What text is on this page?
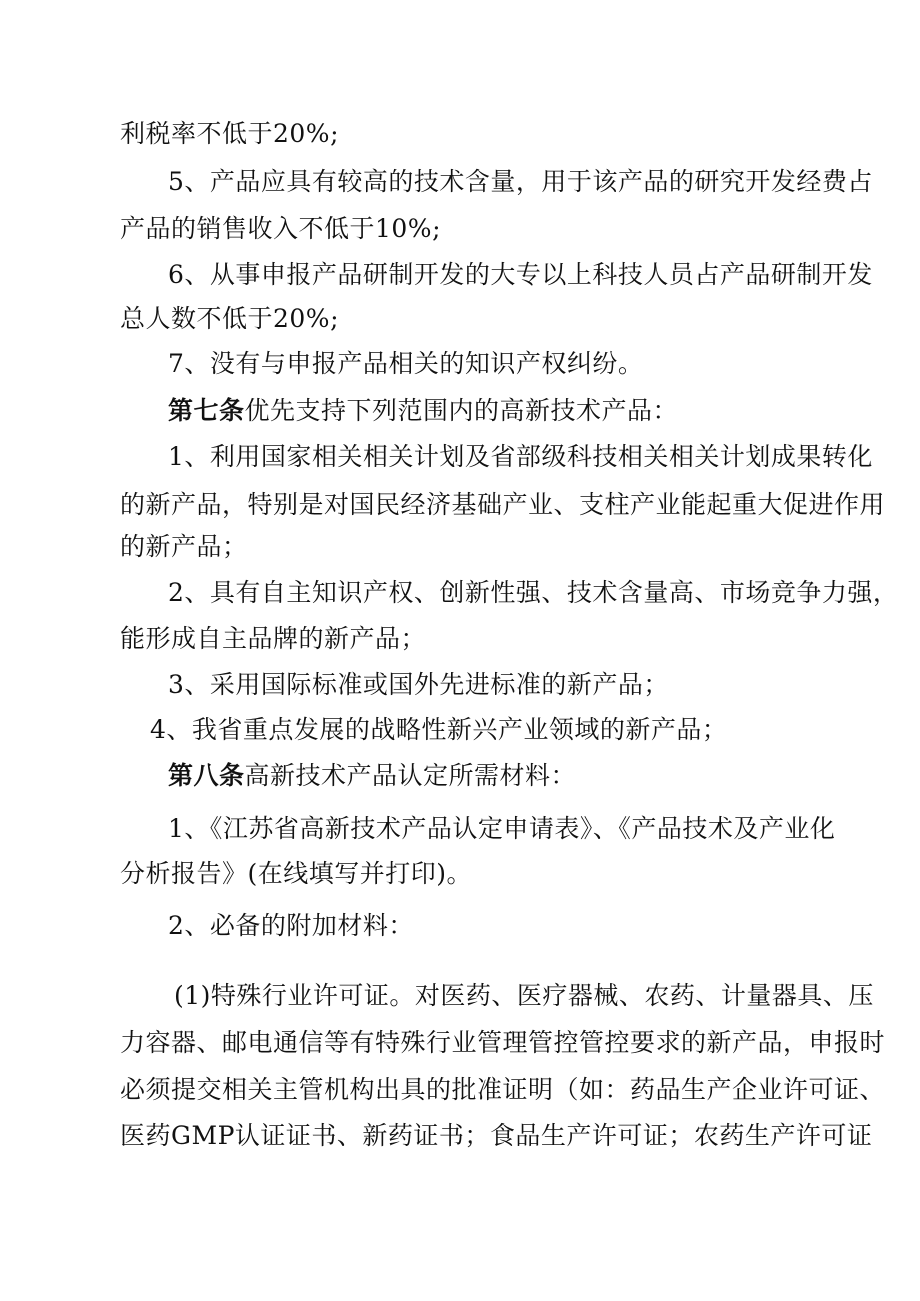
利税率不低于20%;
5、产品应具有较高的技术含量，用于该产品的研究开发经费占
产品的销售收入不低于10%;
6、从事申报产品研制开发的大专以上科技人员占产品研制开发
总人数不低于20%;
7、没有与申报产品相关的知识产权纠纷。
第七条优先支持下列范围内的高新技术产品：
1、利用国家相关相关计划及省部级科技相关相关计划成果转化
的新产品，特别是对国民经济基础产业、支柱产业能起重大促进作用
的新产品；
2、具有自主知识产权、创新性强、技术含量高、市场竞争力强，
能形成自主品牌的新产品；
3、采用国际标准或国外先进标准的新产品；
4、我省重点发展的战略性新兴产业领域的新产品；
第八条高新技术产品认定所需材料：
1、《江苏省高新技术产品认定申请表》、《产品技术及产业化
分析报告》(在线填写并打印)。
2、必备的附加材料：
(1)特殊行业许可证。对医药、医疗器械、农药、计量器具、压
力容器、邮电通信等有特殊行业管理管控管控要求的新产品，申报时
必须提交相关主管机构出具的批准证明（如：药品生产企业许可证、
医药GMP认证证书、新药证书；食品生产许可证；农药生产许可证
